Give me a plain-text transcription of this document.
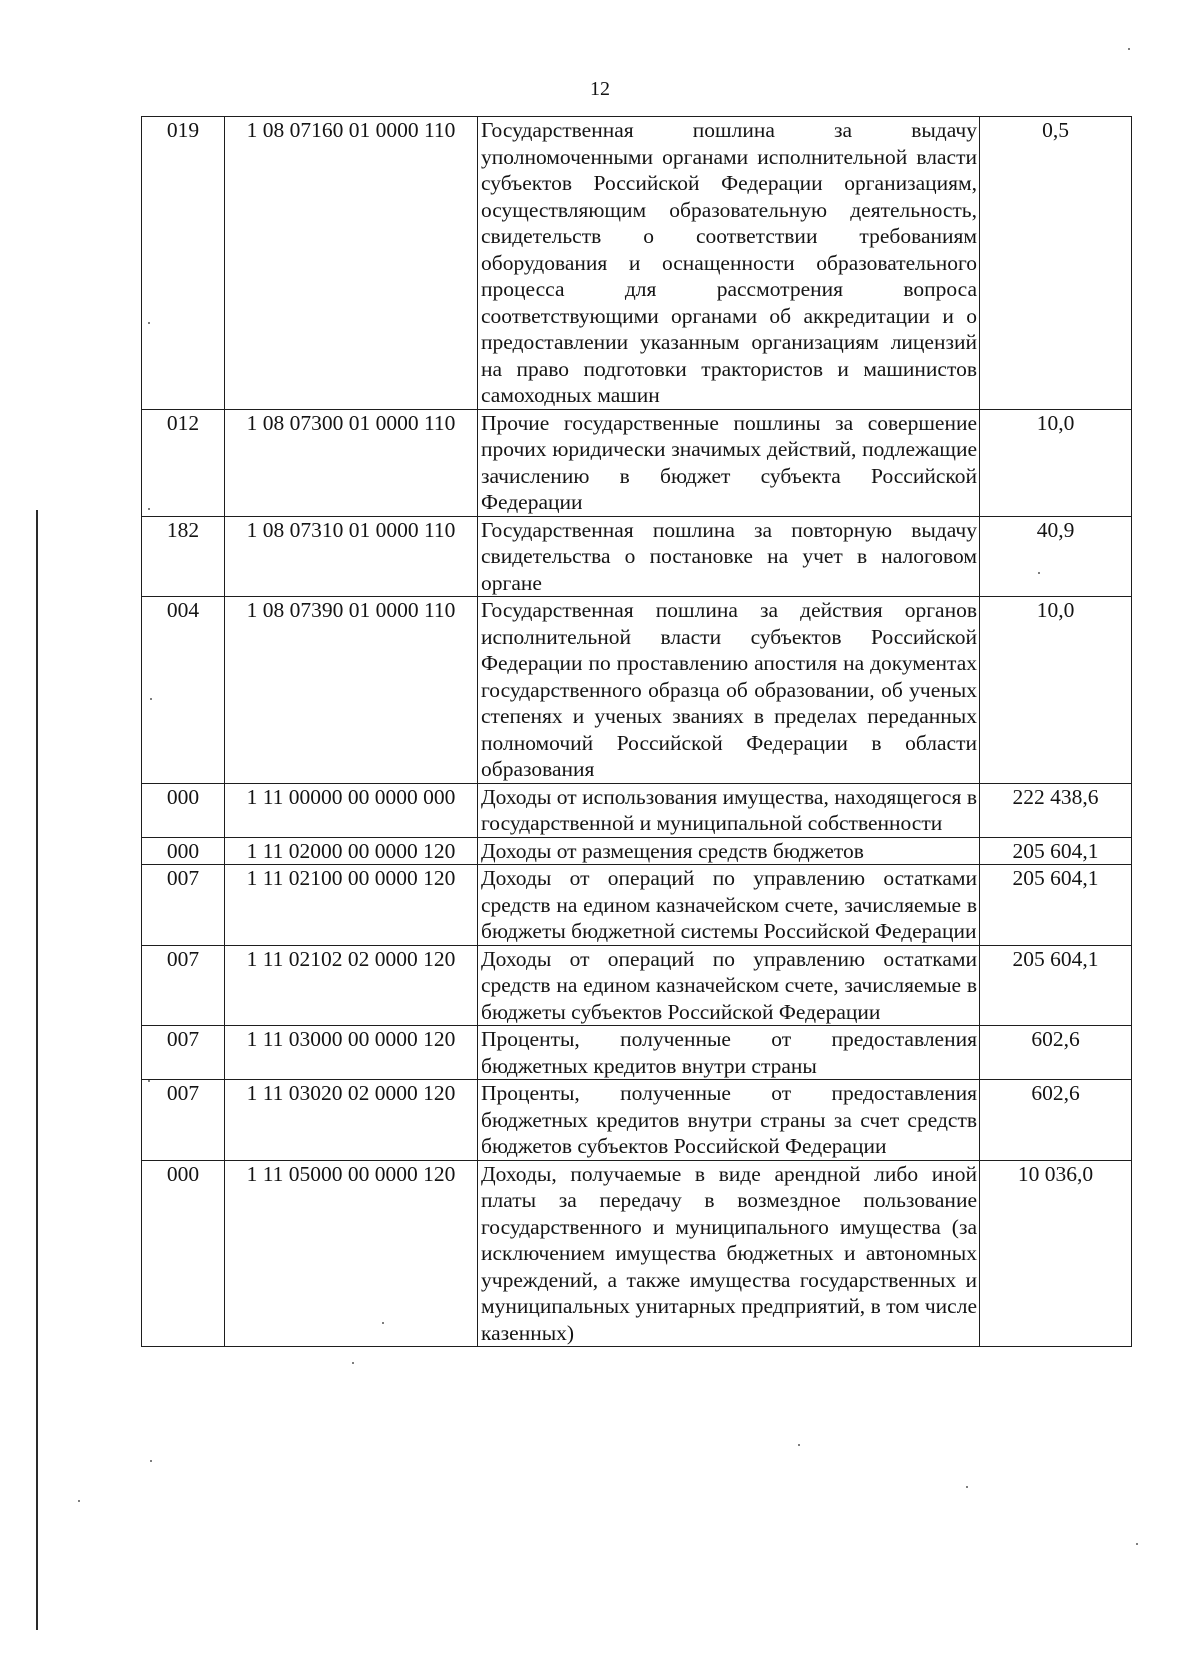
12
019	1 08 07160 01 0000 110	Государственная пошлина за выдачу уполномоченными органами исполнительной власти субъектов Российской Федерации организациям, осуществляющим образовательную деятельность, свидетельств о соответствии требованиям оборудования и оснащенности образовательного процесса для рассмотрения вопроса соответствующими органами об аккредитации и о предоставлении указанным организациям лицензий на право подготовки трактористов и машинистов самоходных машин	0,5
012	1 08 07300 01 0000 110	Прочие государственные пошлины за совершение прочих юридически значимых действий, подлежащие зачислению в бюджет субъекта Российской Федерации	10,0
182	1 08 07310 01 0000 110	Государственная пошлина за повторную выдачу свидетельства о постановке на учет в налоговом органе	40,9
004	1 08 07390 01 0000 110	Государственная пошлина за действия органов исполнительной власти субъектов Российской Федерации по проставлению апостиля на документах государственного образца об образовании, об ученых степенях и ученых званиях в пределах переданных полномочий Российской Федерации в области образования	10,0
000	1 11 00000 00 0000 000	Доходы от использования имущества, находящегося в государственной и муниципальной собственности	222 438,6
000	1 11 02000 00 0000 120	Доходы от размещения средств бюджетов	205 604,1
007	1 11 02100 00 0000 120	Доходы от операций по управлению остатками средств на едином казначейском счете, зачисляемые в бюджеты бюджетной системы Российской Федерации	205 604,1
007	1 11 02102 02 0000 120	Доходы от операций по управлению остатками средств на едином казначейском счете, зачисляемые в бюджеты субъектов Российской Федерации	205 604,1
007	1 11 03000 00 0000 120	Проценты, полученные от предоставления бюджетных кредитов внутри страны	602,6
007	1 11 03020 02 0000 120	Проценты, полученные от предоставления бюджетных кредитов внутри страны за счет средств бюджетов субъектов Российской Федерации	602,6
000	1 11 05000 00 0000 120	Доходы, получаемые в виде арендной либо иной платы за передачу в возмездное пользование государственного и муниципального имущества (за исключением имущества бюджетных и автономных учреждений, а также имущества государственных и муниципальных унитарных предприятий, в том числе казенных)	10 036,0
